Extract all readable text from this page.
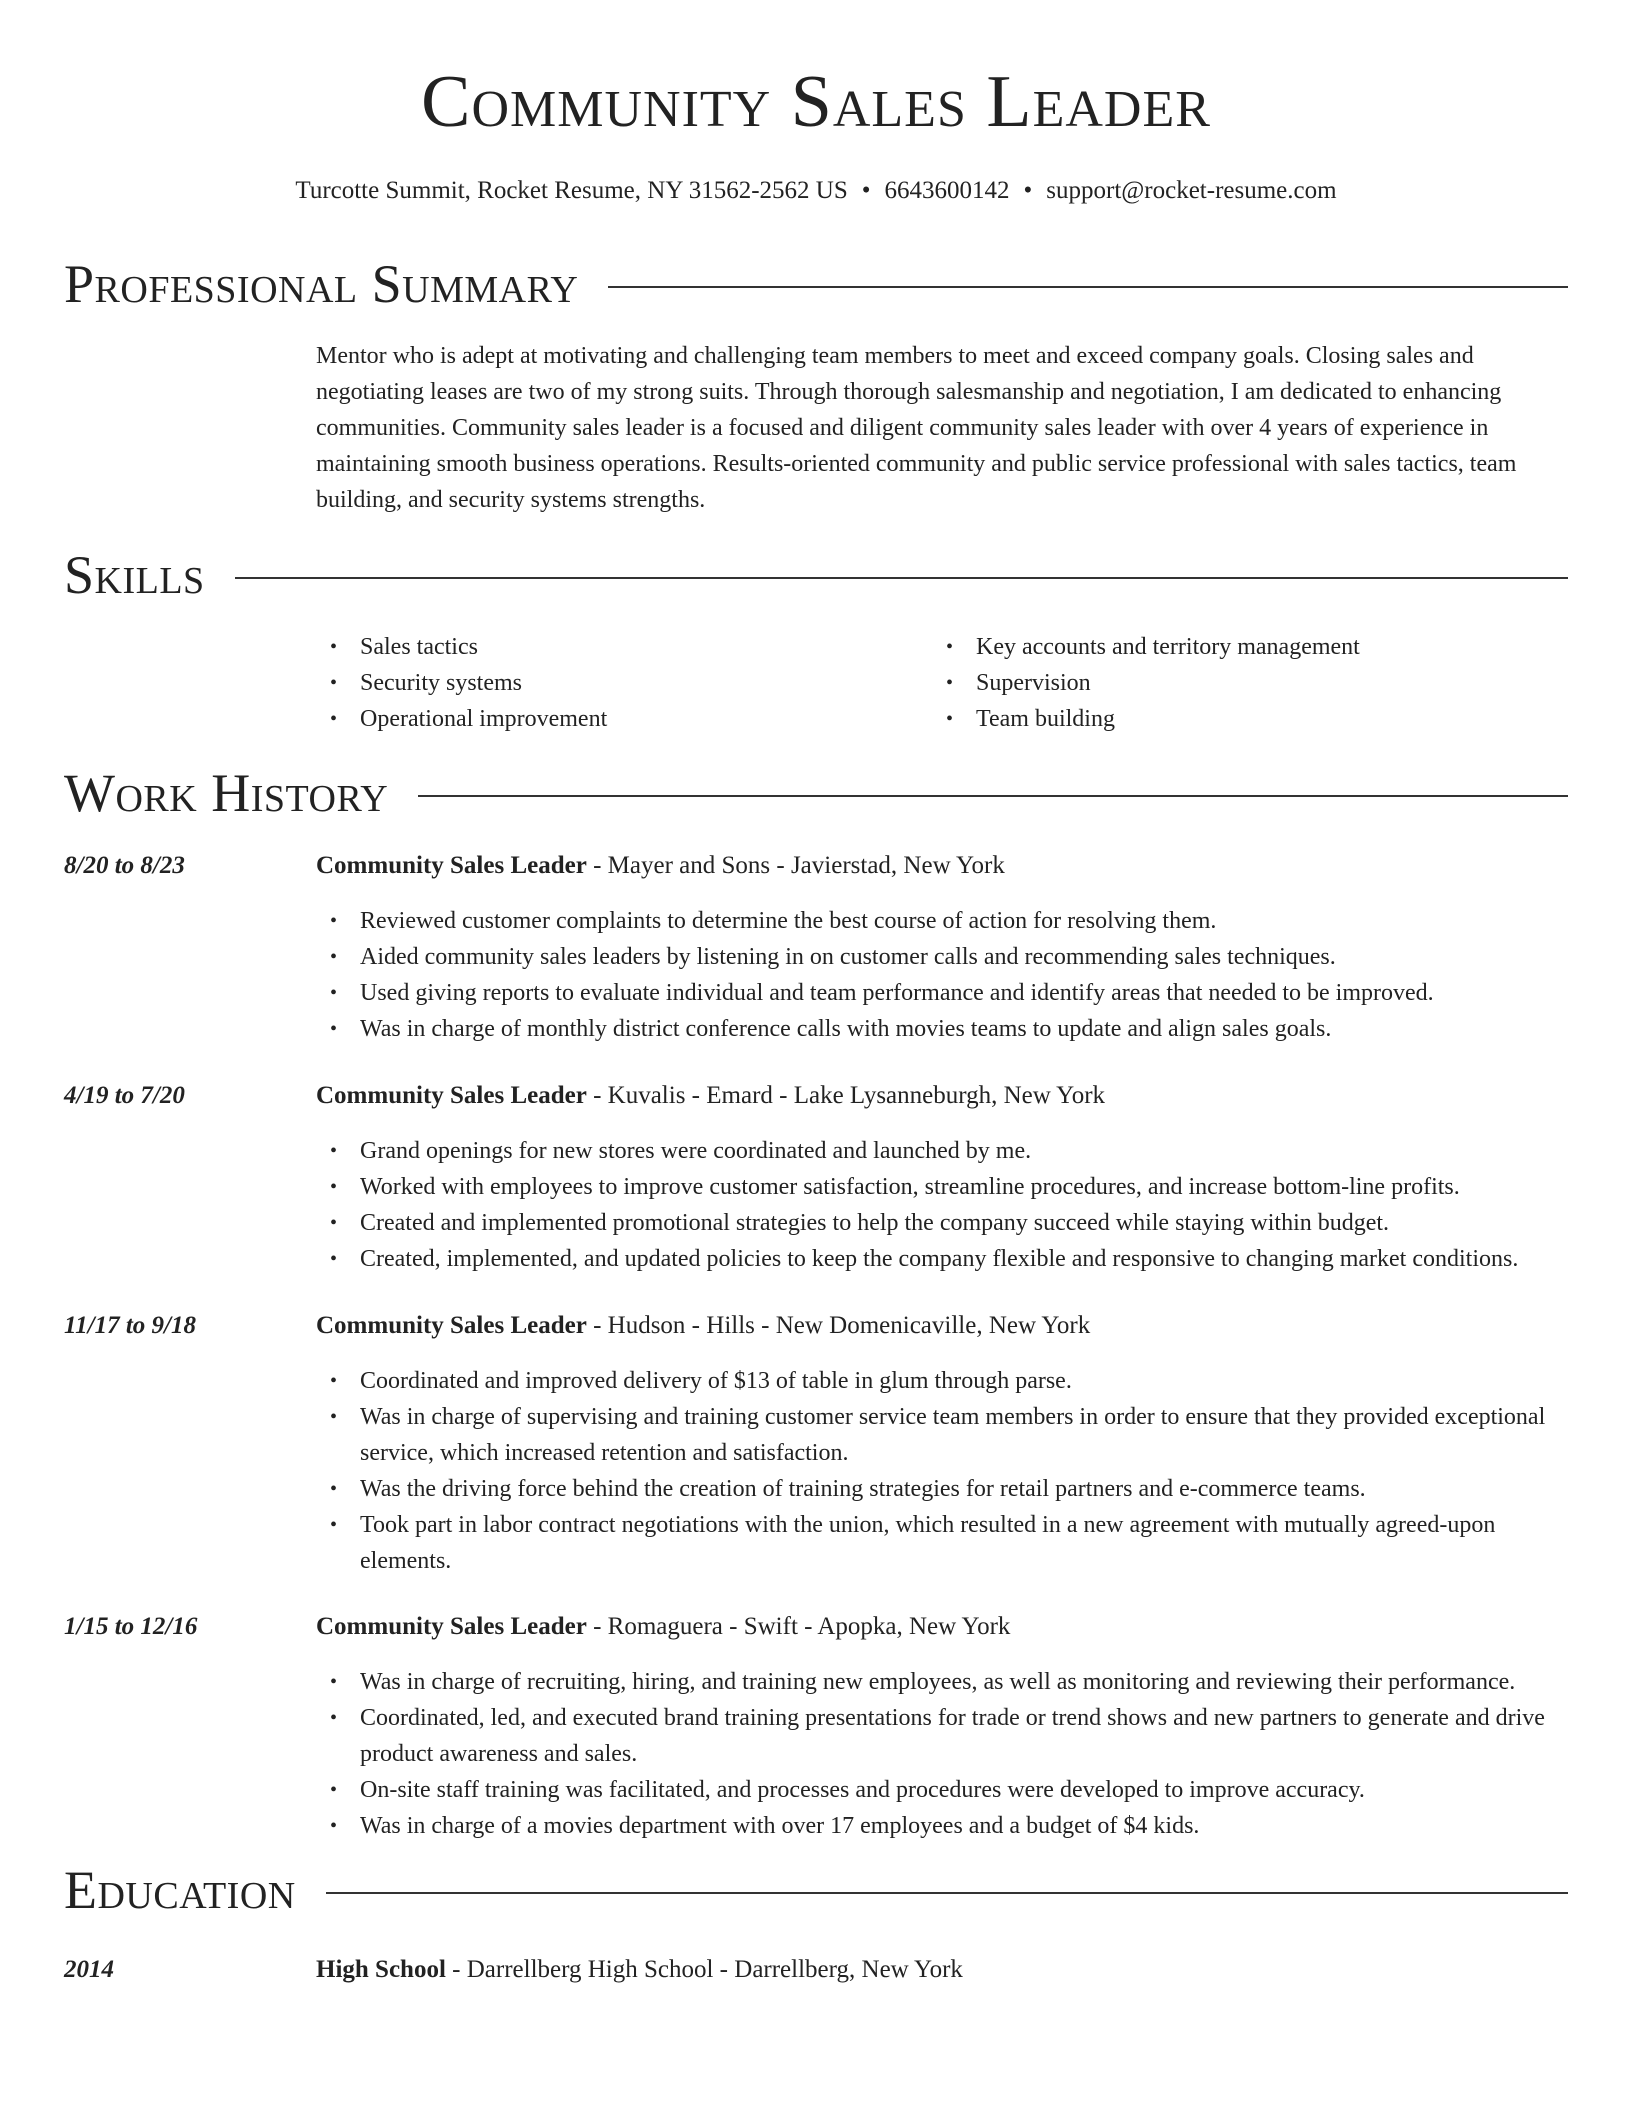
Community Sales Leader
Turcotte Summit, Rocket Resume, NY 31562-2562 US • 6643600142 • support@rocket-resume.com
Professional Summary

Mentor who is adept at motivating and challenging team members to meet and exceed company goals. Closing sales and negotiating leases are two of my strong suits. Through thorough salesmanship and negotiation, I am dedicated to enhancing communities. Community sales leader is a focused and diligent community sales leader with over 4 years of experience in maintaining smooth business operations. Results-oriented community and public service professional with sales tactics, team building, and security systems strengths.

Skills
• Sales tactics
• Security systems
• Operational improvement
• Key accounts and territory management
• Supervision
• Team building
Work History
8/20 to 8/23	Community Sales Leader - Mayer and Sons - Javierstad, New York
• Reviewed customer complaints to determine the best course of action for resolving them.
• Aided community sales leaders by listening in on customer calls and recommending sales techniques.
• Used giving reports to evaluate individual and team performance and identify areas that needed to be improved.
• Was in charge of monthly district conference calls with movies teams to update and align sales goals.
4/19 to 7/20	Community Sales Leader - Kuvalis - Emard - Lake Lysanneburgh, New York
• Grand openings for new stores were coordinated and launched by me.
• Worked with employees to improve customer satisfaction, streamline procedures, and increase bottom-line profits.
• Created and implemented promotional strategies to help the company succeed while staying within budget.
• Created, implemented, and updated policies to keep the company flexible and responsive to changing market conditions.
11/17 to 9/18	Community Sales Leader - Hudson - Hills - New Domenicaville, New York
• Coordinated and improved delivery of $13 of table in glum through parse.
• Was in charge of supervising and training customer service team members in order to ensure that they provided exceptional service, which increased retention and satisfaction.
• Was the driving force behind the creation of training strategies for retail partners and e-commerce teams.
• Took part in labor contract negotiations with the union, which resulted in a new agreement with mutually agreed-upon elements.
1/15 to 12/16	Community Sales Leader - Romaguera - Swift - Apopka, New York
• Was in charge of recruiting, hiring, and training new employees, as well as monitoring and reviewing their performance.
• Coordinated, led, and executed brand training presentations for trade or trend shows and new partners to generate and drive product awareness and sales.
• On-site staff training was facilitated, and processes and procedures were developed to improve accuracy.
• Was in charge of a movies department with over 17 employees and a budget of $4 kids.
Education
2014	High School - Darrellberg High School - Darrellberg, New York
